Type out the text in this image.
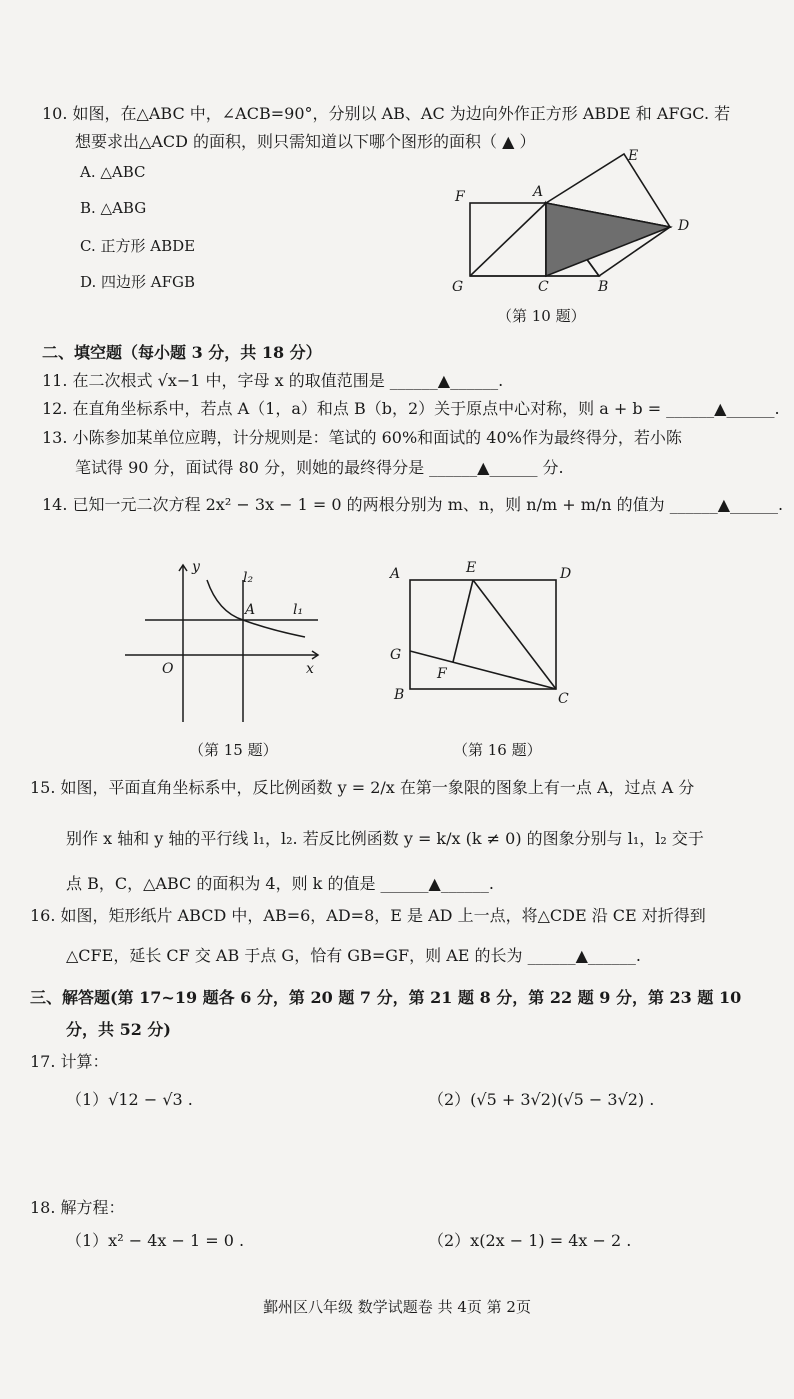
10. 如图，在△ABC 中，∠ACB=90°，分别以 AB、AC 为边向外作正方形 ABDE 和 AFGC. 若
想要求出△ACD 的面积，则只需知道以下哪个图形的面积（ ▲ ）
A. △ABC
B. △ABG
C. 正方形 ABDE
D. 四边形 AFGB
E
F	A
D
G	C	B
（第 10 题）
二、填空题（每小题 3 分，共 18 分）
11. 在二次根式 √x−1 中，字母 x 的取值范围是 ______▲______.
12. 在直角坐标系中，若点 A（1，a）和点 B（b，2）关于原点中心对称，则 a + b = ______▲______.
13. 小陈参加某单位应聘，计分规则是：笔试的 60%和面试的 40%作为最终得分，若小陈
笔试得 90 分，面试得 80 分，则她的最终得分是 ______▲______ 分.
14. 已知一元二次方程 2x² − 3x − 1 = 0 的两根分别为 m、n，则 n/m + m/n 的值为 ______▲______.
y
l₂
A	l₁
O	x
（第 15 题）
A	E	D
G
F
B	C
（第 16 题）
15. 如图，平面直角坐标系中，反比例函数 y = 2/x 在第一象限的图象上有一点 A，过点 A 分
别作 x 轴和 y 轴的平行线 l₁，l₂. 若反比例函数 y = k/x (k ≠ 0) 的图象分别与 l₁，l₂ 交于
点 B，C，△ABC 的面积为 4，则 k 的值是 ______▲______.
16. 如图，矩形纸片 ABCD 中，AB=6，AD=8，E 是 AD 上一点，将△CDE 沿 CE 对折得到
△CFE，延长 CF 交 AB 于点 G，恰有 GB=GF，则 AE 的长为 ______▲______.
三、解答题(第 17~19 题各 6 分，第 20 题 7 分，第 21 题 8 分，第 22 题 9 分，第 23 题 10
分，共 52 分)
17. 计算：
（1）√12 − √3 .	（2）(√5 + 3√2)(√5 − 3√2) .
18. 解方程：
（1）x² − 4x − 1 = 0 .	（2）x(2x − 1) = 4x − 2 .
鄞州区八年级 数学试题卷 共 4页 第 2页
